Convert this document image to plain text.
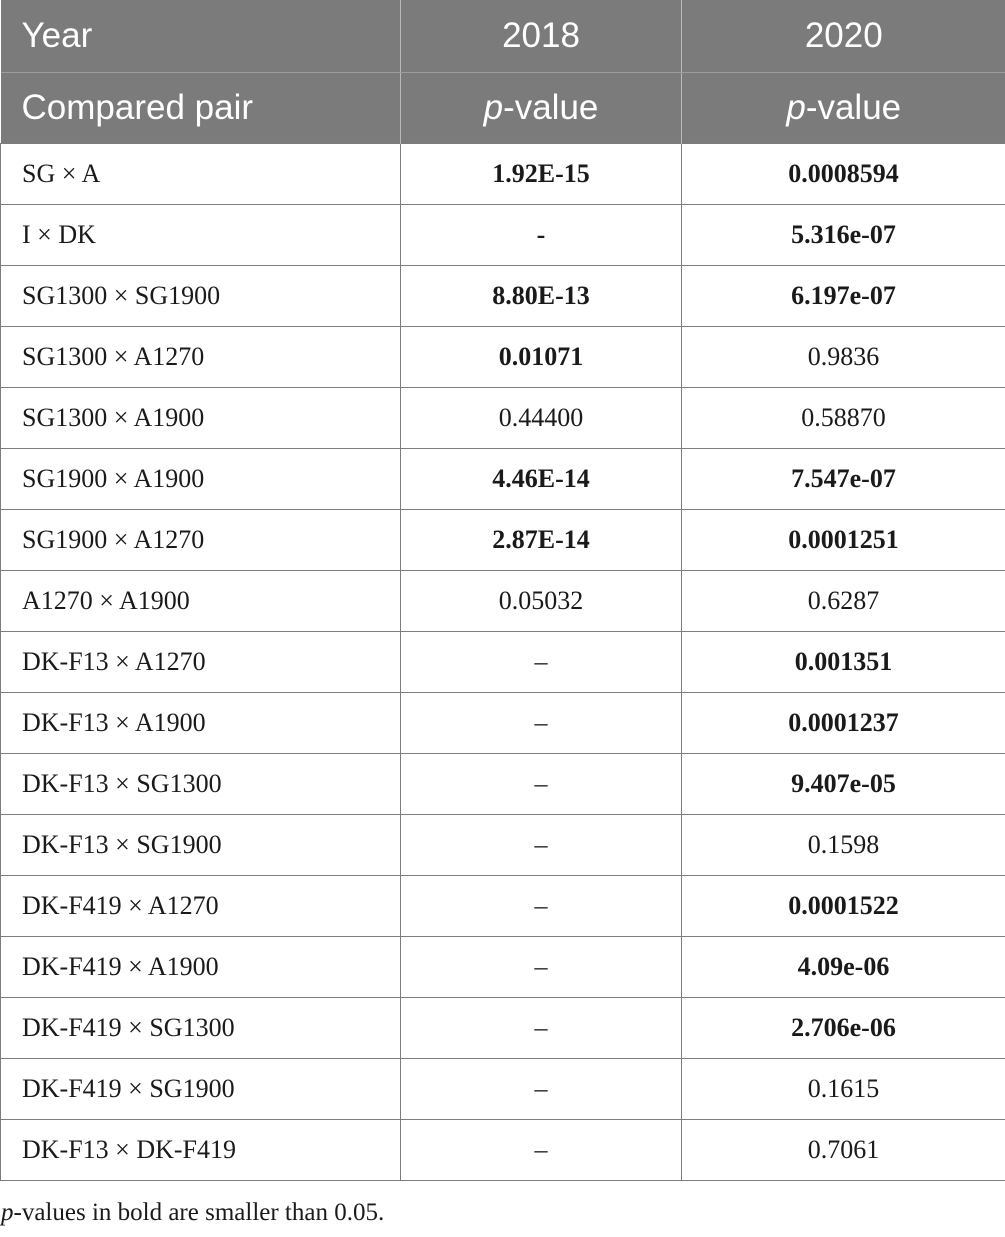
Year	2018	2020
Compared pair	p-value	p-value
SG × A	1.92E-15	0.0008594
I × DK	-	5.316e-07
SG1300 × SG1900	8.80E-13	6.197e-07
SG1300 × A1270	0.01071	0.9836
SG1300 × A1900	0.44400	0.58870
SG1900 × A1900	4.46E-14	7.547e-07
SG1900 × A1270	2.87E-14	0.0001251
A1270 × A1900	0.05032	0.6287
DK-F13 × A1270	–	0.001351
DK-F13 × A1900	–	0.0001237
DK-F13 × SG1300	–	9.407e-05
DK-F13 × SG1900	–	0.1598
DK-F419 × A1270	–	0.0001522
DK-F419 × A1900	–	4.09e-06
DK-F419 × SG1300	–	2.706e-06
DK-F419 × SG1900	–	0.1615
DK-F13 × DK-F419	–	0.7061
p-values in bold are smaller than 0.05.
